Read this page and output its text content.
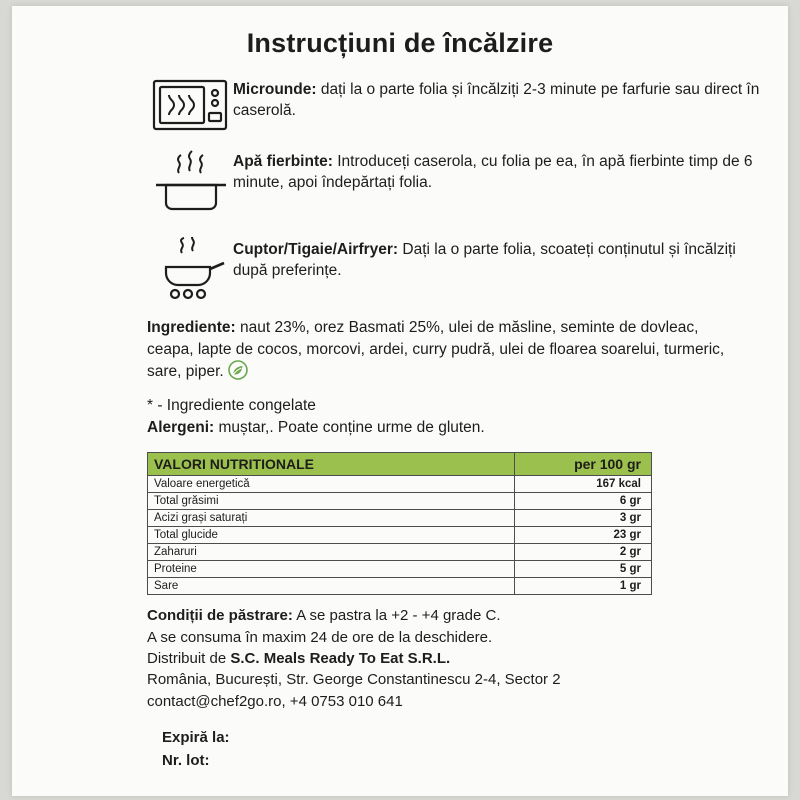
Instrucțiuni de încălzire
Microunde: dați la o parte folia și încălziți 2-3 minute pe farfurie sau direct în caserolă.
Apă fierbinte: Introduceți caserola, cu folia pe ea, în apă fierbinte timp de 6 minute, apoi îndepărtați folia.
Cuptor/Tigaie/Airfryer: Dați la o parte folia, scoateți conținutul și încălziți după preferințe.
Ingrediente: naut 23%, orez Basmati 25%, ulei de măsline, seminte de dovleac, ceapa, lapte de cocos, morcovi, ardei, curry pudră, ulei de floarea soarelui, turmeric, sare, piper.
* - Ingrediente congelate
Alergeni: muștar,. Poate conține urme de gluten.
VALORI NUTRITIONALE	per 100 gr
Valoare energetică	167 kcal
Total grăsimi	6 gr
Acizi grași saturați	3 gr
Total glucide	23 gr
Zaharuri	2 gr
Proteine	5 gr
Sare	1 gr
Condiții de păstrare: A se pastra la +2 - +4 grade C.
A se consuma în maxim 24 de ore de la deschidere.
Distribuit de S.C. Meals Ready To Eat S.R.L.
România, București, Str. George Constantinescu 2-4, Sector 2
contact@chef2go.ro, +4 0753 010 641
Expiră la:
Nr. lot:
